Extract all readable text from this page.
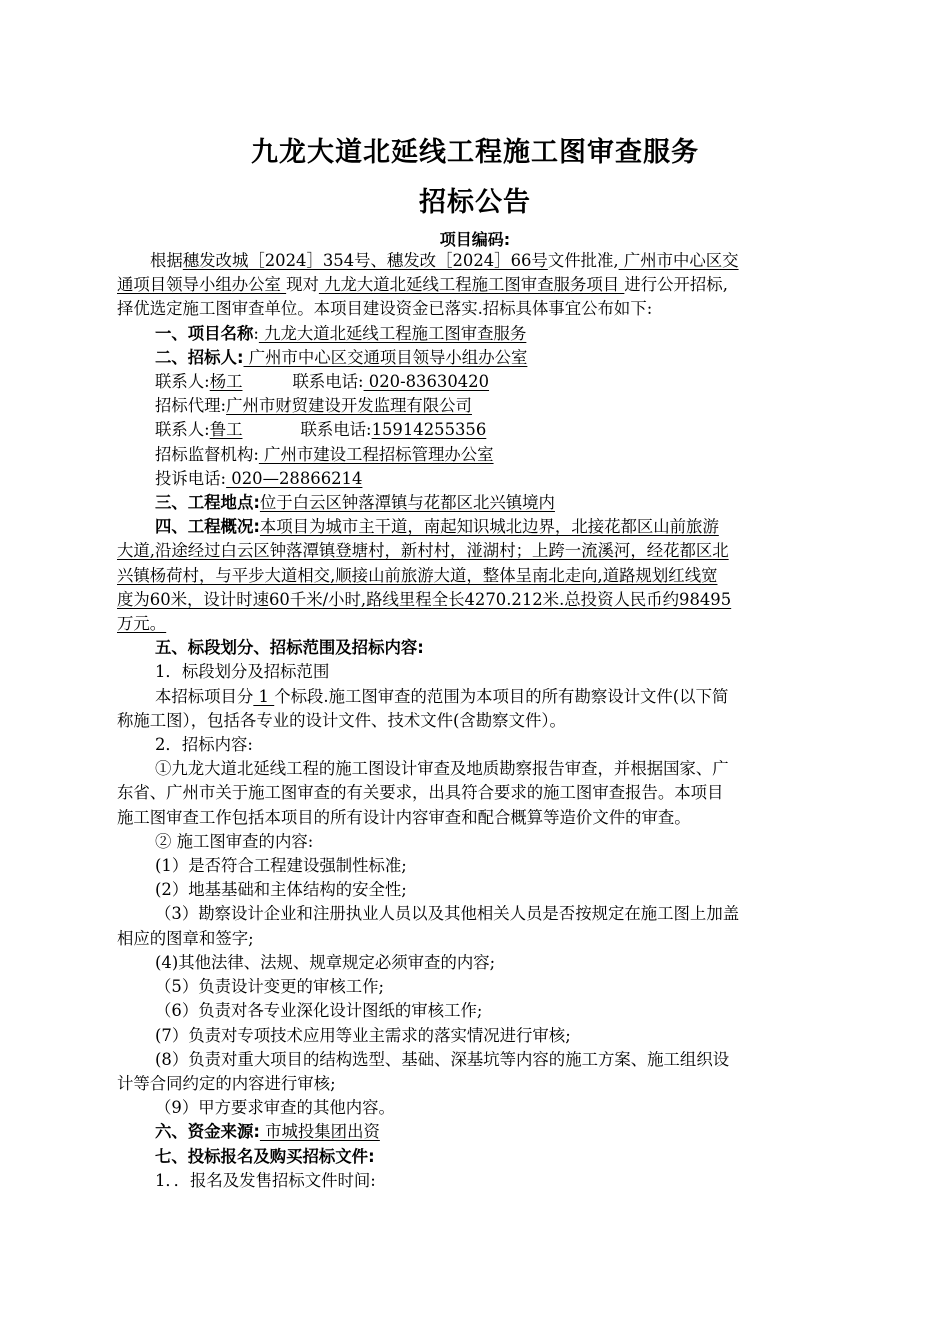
九龙大道北延线工程施工图审查服务
招标公告
项目编码:

根据穗发改城［2024］354号、穗发改［2024］66号文件批准, 广州市中心区交

通项目领导小组办公室 现对 九龙大道北延线工程施工图审查服务项目 进行公开招标,

择优选定施工图审查单位。本项目建设资金已落实.招标具体事宜公布如下:

一、项目名称: 九龙大道北延线工程施工图审查服务

二、招标人: 广州市中心区交通项目领导小组办公室

联系人:杨工	联系电话: 020-83630420

招标代理:广州市财贸建设开发监理有限公司

联系人:鲁工	联系电话:15914255356

招标监督机构: 广州市建设工程招标管理办公室

投诉电话: 020—28866214

三、工程地点:位于白云区钟落潭镇与花都区北兴镇境内

四、工程概况:本项目为城市主干道，南起知识城北边界，北接花都区山前旅游

大道,沿途经过白云区钟落潭镇登塘村，新村村，湴湖村；上跨一流溪河，经花都区北

兴镇杨荷村，与平步大道相交,顺接山前旅游大道，整体呈南北走向,道路规划红线宽

度为60米，设计时速60千米/小时,路线里程全长4270.212米.总投资人民币约98495

万元。

五、标段划分、招标范围及招标内容:

1．标段划分及招标范围

本招标项目分 1 个标段.施工图审查的范围为本项目的所有勘察设计文件(以下简

称施工图），包括各专业的设计文件、技术文件(含勘察文件）。

2．招标内容:

①九龙大道北延线工程的施工图设计审查及地质勘察报告审查，并根据国家、广

东省、广州市关于施工图审查的有关要求，出具符合要求的施工图审查报告。本项目

施工图审查工作包括本项目的所有设计内容审查和配合概算等造价文件的审查。

② 施工图审查的内容:

(1）是否符合工程建设强制性标准;

(2）地基基础和主体结构的安全性;

（3）勘察设计企业和注册执业人员以及其他相关人员是否按规定在施工图上加盖

相应的图章和签字;

(4)其他法律、法规、规章规定必须审查的内容;

（5）负责设计变更的审核工作;

（6）负责对各专业深化设计图纸的审核工作;

(7）负责对专项技术应用等业主需求的落实情况进行审核;

(8）负责对重大项目的结构选型、基础、深基坑等内容的施工方案、施工组织设

计等合同约定的内容进行审核;

（9）甲方要求审查的其他内容。

六、资金来源: 市城投集团出资

七、投标报名及购买招标文件:

1．．报名及发售招标文件时间:
